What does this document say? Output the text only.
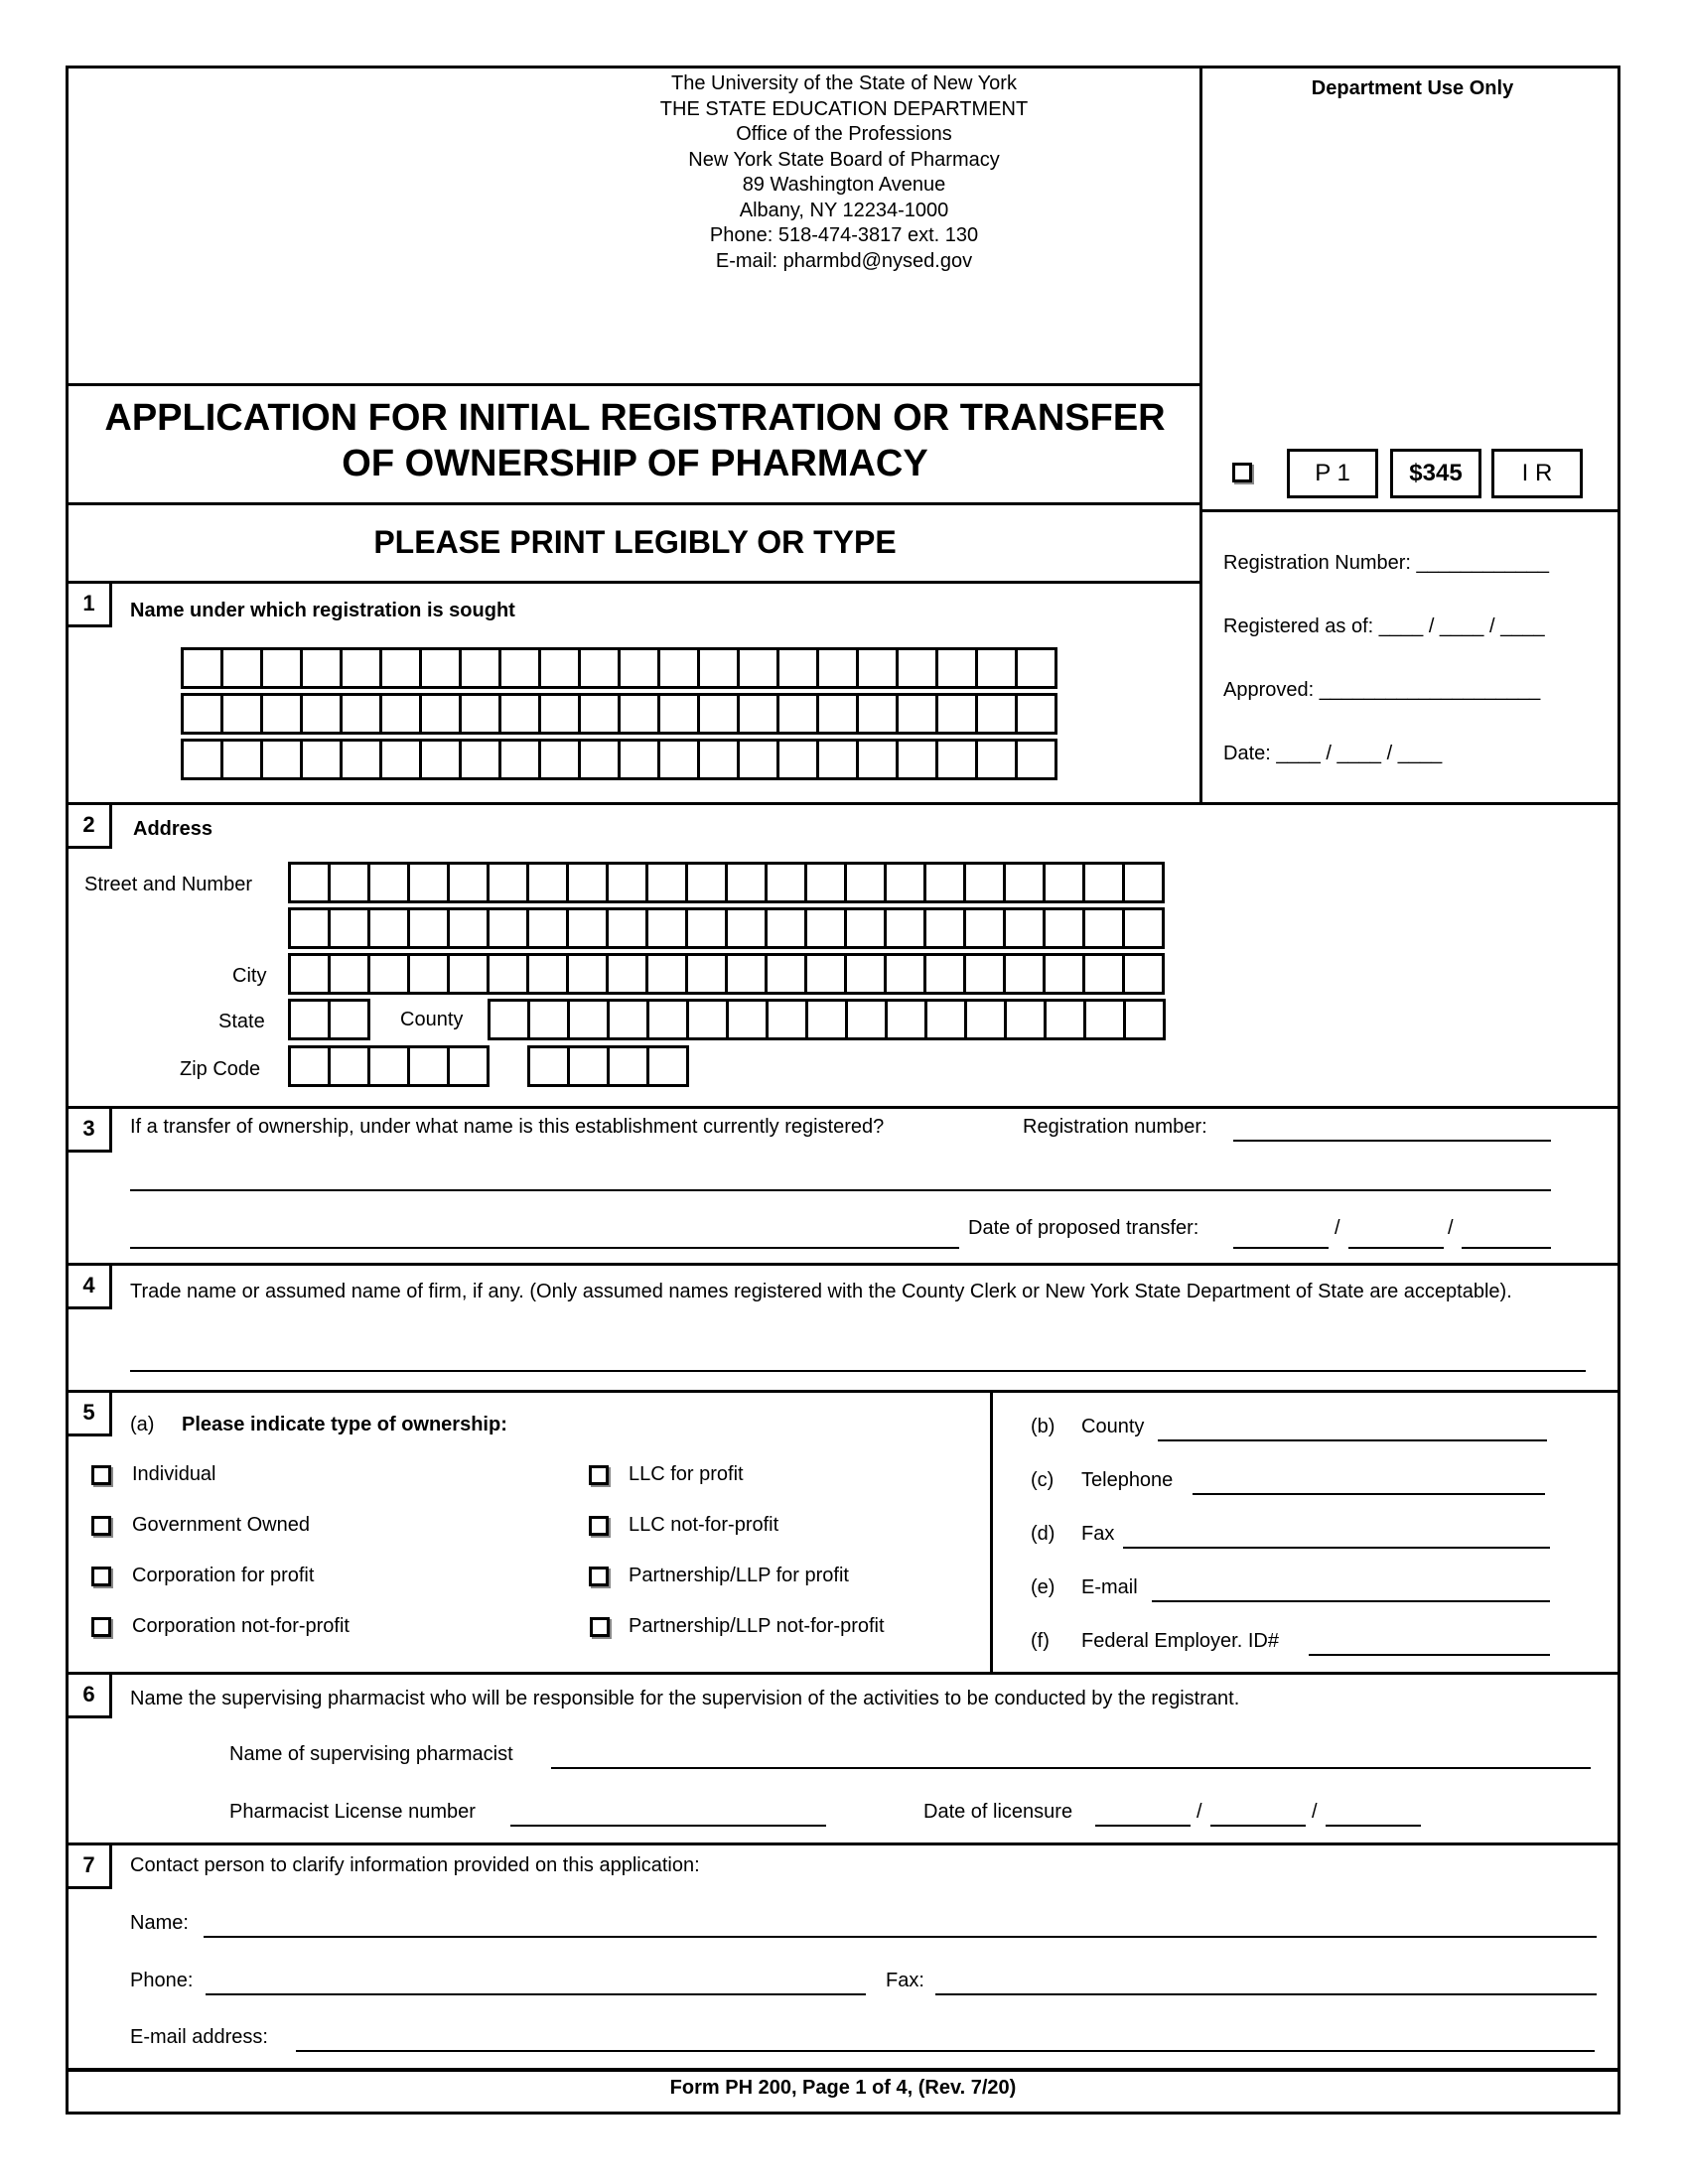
The University of the State of New York
THE STATE EDUCATION DEPARTMENT
Office of the Professions
New York State Board of Pharmacy
89 Washington Avenue
Albany, NY 12234-1000
Phone: 518-474-3817 ext. 130
E-mail: pharmbd@nysed.gov
Department Use Only
P 1	$345	I R
Registration Number: ____________
Registered as of: ____ / ____ / ____
Approved: ____________________
Date: ____ / ____ / ____
APPLICATION FOR INITIAL REGISTRATION OR TRANSFER
OF OWNERSHIP OF PHARMACY
PLEASE PRINT LEGIBLY OR TYPE
1	Name under which registration is sought
2	Address
Street and Number
City
State	County
Zip Code
3	If a transfer of ownership, under what name is this establishment currently registered?	Registration number:
Date of proposed transfer:	/	/
4	Trade name or assumed name of firm, if any. (Only assumed names registered with the County Clerk or New York State Department of State are acceptable).
5	(a) Please indicate type of ownership:
Individual
Government Owned
Corporation for profit
Corporation not-for-profit
LLC for profit
LLC not-for-profit
Partnership/LLP for profit
Partnership/LLP not-for-profit
(b) County
(c) Telephone
(d) Fax
(e) E-mail
(f) Federal Employer. ID#
6	Name the supervising pharmacist who will be responsible for the supervision of the activities to be conducted by the registrant.
Name of supervising pharmacist
Pharmacist License number	Date of licensure	/	/
7	Contact person to clarify information provided on this application:
Name:
Phone:	Fax:
E-mail address:
Form PH 200, Page 1 of 4, (Rev. 7/20)
